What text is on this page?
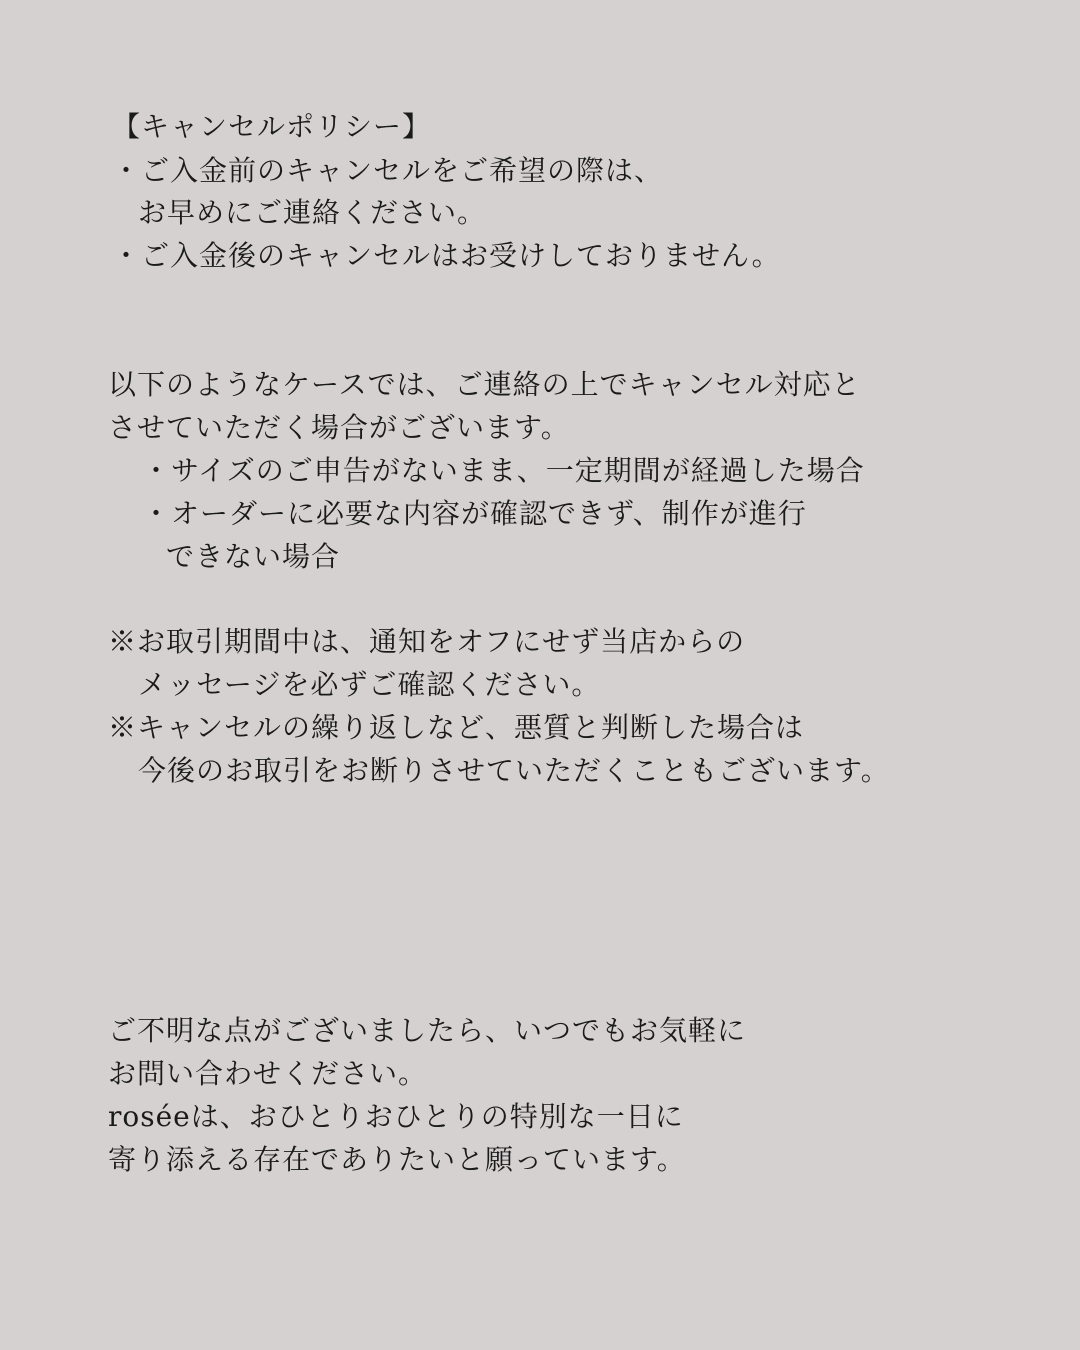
【キャンセルポリシー】
・ご入金前のキャンセルをご希望の際は、
お早めにご連絡ください。
・ご入金後のキャンセルはお受けしておりません。
以下のようなケースでは、ご連絡の上でキャンセル対応と
させていただく場合がございます。
・サイズのご申告がないまま、一定期間が経過した場合
・オーダーに必要な内容が確認できず、制作が進行
できない場合
※お取引期間中は、通知をオフにせず当店からの
メッセージを必ずご確認ください。
※キャンセルの繰り返しなど、悪質と判断した場合は
今後のお取引をお断りさせていただくこともございます。
ご不明な点がございましたら、いつでもお気軽に
お問い合わせください。
roséeは、おひとりおひとりの特別な一日に
寄り添える存在でありたいと願っています。
